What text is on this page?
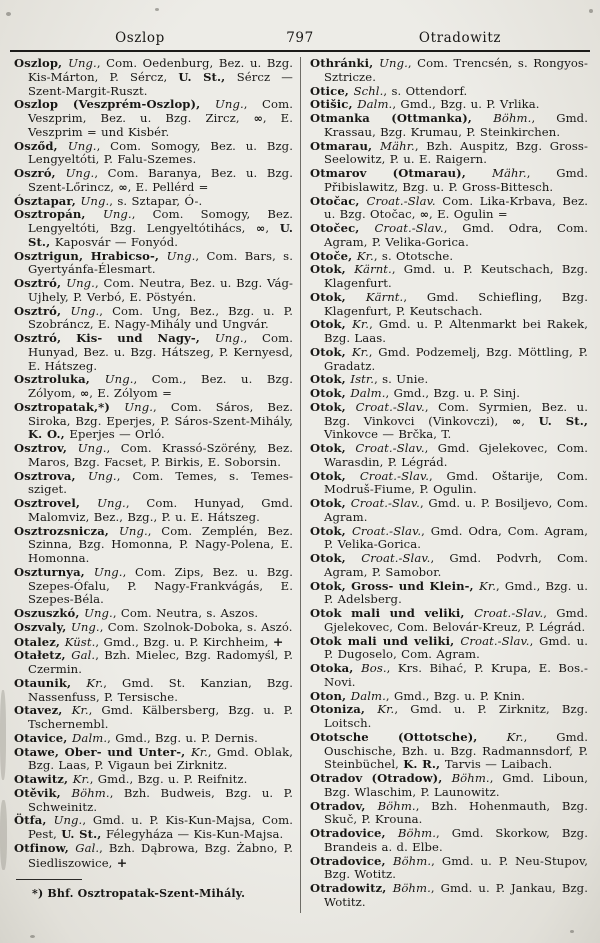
Oszlop	797	Otradowitz

Oszlop, Ung., Com. Oedenburg, Bez. u. Bzg. Kis-Márton, P. Sércz, U. St., Sércz — Szent-Margit-Ruszt.

Oszlop (Veszprém-Oszlop), Ung., Com. Veszprim, Bez. u. Bzg. Zircz, ∞, E. Veszprim = und Kisbér.

Osződ, Ung., Com. Somogy, Bez. u. Bzg. Lengyeltóti, P. Falu-Szemes.

Oszró, Ung., Com. Baranya, Bez. u. Bzg. Szent-Lőrincz, ∞, E. Pellérd =

Ósztapar, Ung., s. Sztapar, Ó-.

Osztropán, Ung., Com. Somogy, Bez. Lengyeltóti, Bzg. Lengyeltótihács, ∞, U. St., Kaposvár — Fonyód.

Osztrigun, Hrabicso-, Ung., Com. Bars, s. Gyertyánfa-Élesmart.

Osztró, Ung., Com. Neutra, Bez. u. Bzg. Vág-Ujhely, P. Verbó, E. Pöstyén.

Osztró, Ung., Com. Ung, Bez., Bzg. u. P. Szobráncz, E. Nagy-Mihály und Ungvár.

Osztró, Kis- und Nagy-, Ung., Com. Hunyad, Bez. u. Bzg. Hátszeg, P. Kernyesd, E. Hátszeg.

Osztroluka, Ung., Com., Bez. u. Bzg. Zólyom, ∞, E. Zólyom =

Osztropatak,*) Ung., Com. Sáros, Bez. Siroka, Bzg. Eperjes, P. Sáros-Szent-Mihály, K. O., Eperjes — Orló.

Osztrov, Ung., Com. Krassó-Szörény, Bez. Maros, Bzg. Facset, P. Birkis, E. Soborsin.

Osztrova, Ung., Com. Temes, s. Temes-sziget.

Osztrovel, Ung., Com. Hunyad, Gmd. Malomviz, Bez., Bzg., P. u. E. Hátszeg.

Osztrozsnicza, Ung., Com. Zemplén, Bez. Szinna, Bzg. Homonna, P. Nagy-Polena, E. Homonna.

Oszturnya, Ung., Com. Zips, Bez. u. Bzg. Szepes-Ófalu, P. Nagy-Frankvágás, E. Szepes-Béla.

Oszuszkó, Ung., Com. Neutra, s. Aszos.

Oszvaly, Ung., Com. Szolnok-Doboka, s. Aszó.

Otalez, Küst., Gmd., Bzg. u. P. Kirchheim, +

Otałetz, Gal., Bzh. Mielec, Bzg. Radomyśl, P. Czermin.

Otaunik, Kr., Gmd. St. Kanzian, Bzg. Nassenfuss, P. Tersische.

Otavez, Kr., Gmd. Kälbersberg, Bzg. u. P. Tschernembl.

Otavice, Dalm., Gmd., Bzg. u. P. Dernis.

Otawe, Ober- und Unter-, Kr., Gmd. Oblak, Bzg. Laas, P. Vigaun bei Zirknitz.

Otawitz, Kr., Gmd., Bzg. u. P. Reifnitz.

Otěvik, Böhm., Bzh. Budweis, Bzg. u. P. Schweinitz.

Ötfa, Ung., Gmd. u. P. Kis-Kun-Majsa, Com. Pest, U. St., Félegyháza — Kis-Kun-Majsa.

Otfinow, Gal., Bzh. Dąbrowa, Bzg. Żabno, P. Siedliszowice, +

*) Bhf. Osztropatak-Szent-Mihály.

Othránki, Ung., Com. Trencsén, s. Rongyos-Sztricze.

Otice, Schl., s. Ottendorf.

Otišic, Dalm., Gmd., Bzg. u. P. Vrlika.

Otmanka (Ottmanka), Böhm., Gmd. Krassau, Bzg. Krumau, P. Steinkirchen.

Otmarau, Mähr., Bzh. Auspitz, Bzg. Gross-Seelowitz, P. u. E. Raigern.

Otmarov (Otmarau), Mähr., Gmd. Přibislawitz, Bzg. u. P. Gross-Bittesch.

Otočac, Croat.-Slav. Com. Lika-Krbava, Bez. u. Bzg. Otočac, ∞, E. Ogulin =

Otočec, Croat.-Slav., Gmd. Odra, Com. Agram, P. Velika-Gorica.

Otoče, Kr., s. Ototsche.

Otok, Kärnt., Gmd. u. P. Keutschach, Bzg. Klagenfurt.

Otok, Kärnt., Gmd. Schiefling, Bzg. Klagenfurt, P. Keutschach.

Otok, Kr., Gmd. u. P. Altenmarkt bei Rakek, Bzg. Laas.

Otok, Kr., Gmd. Podzemelj, Bzg. Möttling, P. Gradatz.

Otok, Istr., s. Unie.

Otok, Dalm., Gmd., Bzg. u. P. Sinj.

Otok, Croat.-Slav., Com. Syrmien, Bez. u. Bzg. Vinkovci (Vinkovczi), ∞, U. St., Vinkovce — Brčka, T.

Otok, Croat.-Slav., Gmd. Gjelekovec, Com. Warasdin, P. Légrád.

Otok, Croat.-Slav., Gmd. Oštarije, Com. Modruš-Fiume, P. Ogulin.

Otok, Croat.-Slav., Gmd. u. P. Bosiljevo, Com. Agram.

Otok, Croat.-Slav., Gmd. Odra, Com. Agram, P. Velika-Gorica.

Otok, Croat.-Slav., Gmd. Podvrh, Com. Agram, P. Samobor.

Otok, Gross- und Klein-, Kr., Gmd., Bzg. u. P. Adelsberg.

Otok mali und veliki, Croat.-Slav., Gmd. Gjelekovec, Com. Belovár-Kreuz, P. Légrád.

Otok mali und veliki, Croat.-Slav., Gmd. u. P. Dugoselo, Com. Agram.

Otoka, Bos., Krs. Bihać, P. Krupa, E. Bos.-Novi.

Oton, Dalm., Gmd., Bzg. u. P. Knin.

Otoniza, Kr., Gmd. u. P. Zirknitz, Bzg. Loitsch.

Ototsche (Ottotsche), Kr., Gmd. Ouschische, Bzh. u. Bzg. Radmannsdorf, P. Steinbüchel, K. R., Tarvis — Laibach.

Otradov (Otradow), Böhm., Gmd. Liboun, Bzg. Wlaschim, P. Launowitz.

Otradov, Böhm., Bzh. Hohenmauth, Bzg. Skuč, P. Krouna.

Otradovice, Böhm., Gmd. Skorkow, Bzg. Brandeis a. d. Elbe.

Otradovice, Böhm., Gmd. u. P. Neu-Stupov, Bzg. Wotitz.

Otradowitz, Böhm., Gmd. u. P. Jankau, Bzg. Wotitz.
